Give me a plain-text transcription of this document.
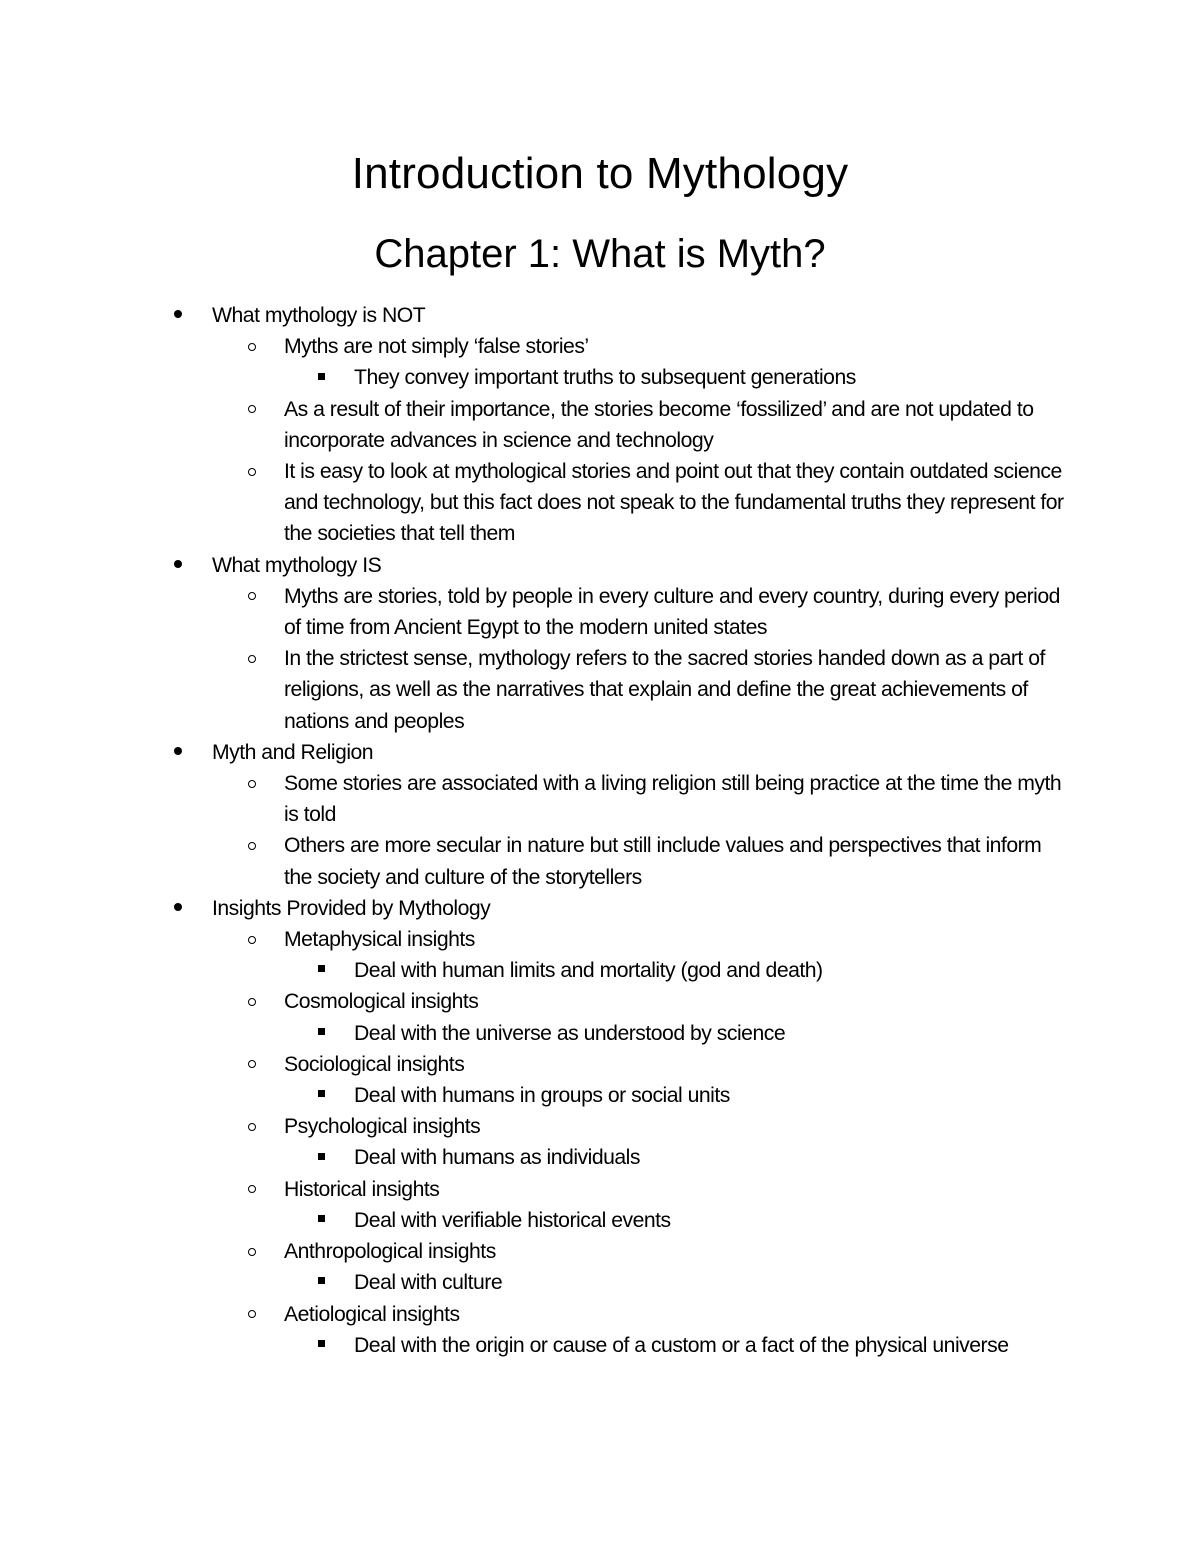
Introduction to Mythology
Chapter 1: What is Myth?
What mythology is NOT
Myths are not simply ‘false stories’
They convey important truths to subsequent generations
As a result of their importance, the stories become ‘fossilized’ and are not updated to incorporate advances in science and technology
It is easy to look at mythological stories and point out that they contain outdated science and technology, but this fact does not speak to the fundamental truths they represent for the societies that tell them
What mythology IS
Myths are stories, told by people in every culture and every country, during every period of time from Ancient Egypt to the modern united states
In the strictest sense, mythology refers to the sacred stories handed down as a part of religions, as well as the narratives that explain and define the great achievements of nations and peoples
Myth and Religion
Some stories are associated with a living religion still being practice at the time the myth is told
Others are more secular in nature but still include values and perspectives that inform the society and culture of the storytellers
Insights Provided by Mythology
Metaphysical insights
Deal with human limits and mortality (god and death)
Cosmological insights
Deal with the universe as understood by science
Sociological insights
Deal with humans in groups or social units
Psychological insights
Deal with humans as individuals
Historical insights
Deal with verifiable historical events
Anthropological insights
Deal with culture
Aetiological insights
Deal with the origin or cause of a custom or a fact of the physical universe
